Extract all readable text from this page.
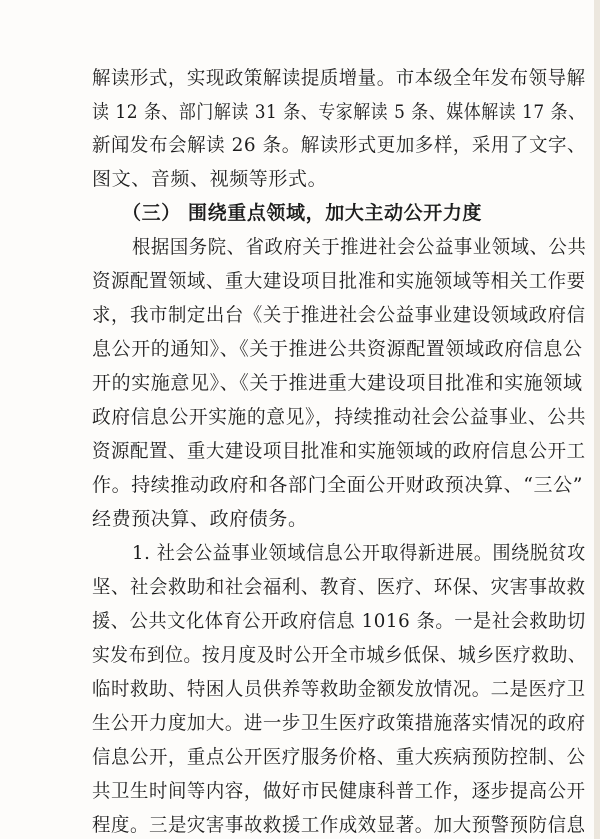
解读形式，实现政策解读提质增量。市本级全年发布领导解
读 12 条、部门解读 31 条、专家解读 5 条、媒体解读 17 条、
新闻发布会解读 26 条。解读形式更加多样，采用了文字、
图文、音频、视频等形式。
（三） 围绕重点领域，加大主动公开力度
根据国务院、省政府关于推进社会公益事业领域、公共
资源配置领域、重大建设项目批准和实施领域等相关工作要
求，我市制定出台《关于推进社会公益事业建设领域政府信
息公开的通知》、《关于推进公共资源配置领域政府信息公
开的实施意见》、《关于推进重大建设项目批准和实施领域
政府信息公开实施的意见》，持续推动社会公益事业、公共
资源配置、重大建设项目批准和实施领域的政府信息公开工
作。持续推动政府和各部门全面公开财政预决算、“三公”
经费预决算、政府债务。
1. 社会公益事业领域信息公开取得新进展。围绕脱贫攻
坚、社会救助和社会福利、教育、医疗、环保、灾害事故救
援、公共文化体育公开政府信息 1016 条。一是社会救助切
实发布到位。按月度及时公开全市城乡低保、城乡医疗救助、
临时救助、特困人员供养等救助金额发放情况。二是医疗卫
生公开力度加大。进一步卫生医疗政策措施落实情况的政府
信息公开，重点公开医疗服务价格、重大疾病预防控制、公
共卫生时间等内容，做好市民健康科普工作，逐步提高公开
程度。三是灾害事故救援工作成效显著。加大预警预防信息
